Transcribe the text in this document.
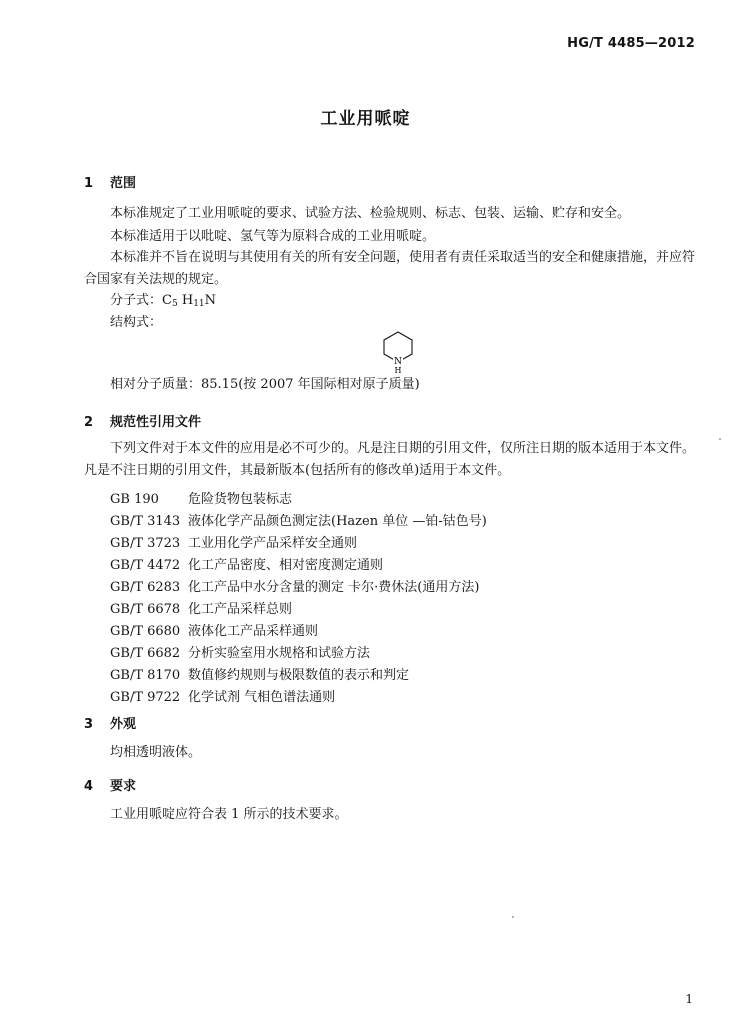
HG/T 4485—2012
工业用哌啶
1 范围
本标准规定了工业用哌啶的要求、试验方法、检验规则、标志、包装、运输、贮存和安全。
本标准适用于以吡啶、氢气等为原料合成的工业用哌啶。
本标准并不旨在说明与其使用有关的所有安全问题，使用者有责任采取适当的安全和健康措施，并应符合国家有关法规的规定。
分子式：$C_5$ $H_{11}N$
结构式：
N
H
相对分子质量：85.15(按 2007 年国际相对原子质量)
2 规范性引用文件
下列文件对于本文件的应用是必不可少的。凡是注日期的引用文件，仅所注日期的版本适用于本文件。凡是不注日期的引用文件，其最新版本(包括所有的修改单)适用于本文件。
GB 190 危险货物包装标志
GB/T 3143 液体化学产品颜色测定法(Hazen 单位 —铂-钴色号)
GB/T 3723 工业用化学产品采样安全通则
GB/T 4472 化工产品密度、相对密度测定通则
GB/T 6283 化工产品中水分含量的测定 卡尔·费休法(通用方法)
GB/T 6678 化工产品采样总则
GB/T 6680 液体化工产品采样通则
GB/T 6682 分析实验室用水规格和试验方法
GB/T 8170 数值修约规则与极限数值的表示和判定
GB/T 9722 化学试剂 气相色谱法通则
3 外观
均相透明液体。
4 要求
工业用哌啶应符合表 1 所示的技术要求。
1
